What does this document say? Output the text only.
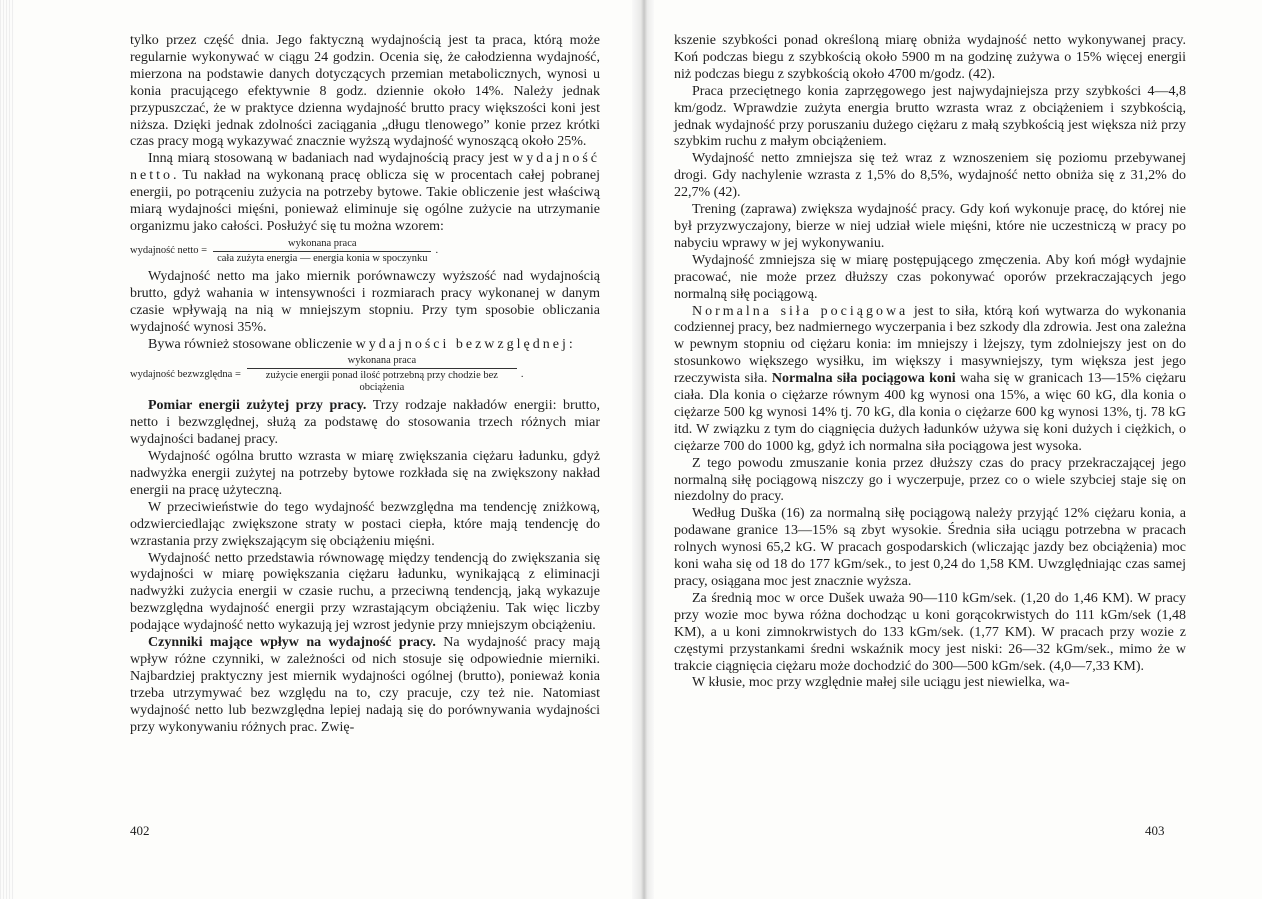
tylko przez część dnia. Jego faktyczną wydajnością jest ta praca, którą może regularnie wykonywać w ciągu 24 godzin. Ocenia się, że całodzienna wydajność, mierzona na podstawie danych dotyczących przemian metabolicznych, wynosi u konia pracującego efektywnie 8 godz. dziennie około 14%. Należy jednak przypuszczać, że w praktyce dzienna wydajność brutto pracy większości koni jest niższa. Dzięki jednak zdolności zaciągania „długu tlenowego” konie przez krótki czas pracy mogą wykazywać znacznie wyższą wydajność wynoszącą około 25%.

Inną miarą stosowaną w badaniach nad wydajnością pracy jest wydajność netto. Tu nakład na wykonaną pracę oblicza się w procentach całej pobranej energii, po potrąceniu zużycia na potrzeby bytowe. Takie obliczenie jest właściwą miarą wydajności mięśni, ponieważ eliminuje się ogólne zużycie na utrzymanie organizmu jako całości. Posłużyć się tu można wzorem:

wydajność netto = $\frac{\text{wykonana praca}}{\text{cała zużyta energia — energia konia w spoczynku}}$ .

Wydajność netto ma jako miernik porównawczy wyższość nad wydajnością brutto, gdyż wahania w intensywności i rozmiarach pracy wykonanej w danym czasie wpływają na nią w mniejszym stopniu. Przy tym sposobie obliczania wydajność wynosi 35%.

Bywa również stosowane obliczenie wydajności bezwzględnej:

wydajność bezwzględna =
wykonana praca
zużycie energii ponad ilość potrzebną przy chodzie bez obciążenia
.

Pomiar energii zużytej przy pracy. Trzy rodzaje nakładów energii: brutto, netto i bezwzględnej, służą za podstawę do stosowania trzech różnych miar wydajności badanej pracy.

Wydajność ogólna brutto wzrasta w miarę zwiększania ciężaru ładunku, gdyż nadwyżka energii zużytej na potrzeby bytowe rozkłada się na zwiększony nakład energii na pracę użyteczną.

W przeciwieństwie do tego wydajność bezwzględna ma tendencję zniżkową, odzwierciedlając zwiększone straty w postaci ciepła, które mają tendencję do wzrastania przy zwiększającym się obciążeniu mięśni.

Wydajność netto przedstawia równowagę między tendencją do zwiększania się wydajności w miarę powiększania ciężaru ładunku, wynikającą z eliminacji nadwyżki zużycia energii w czasie ruchu, a przeciwną tendencją, jaką wykazuje bezwzględna wydajność energii przy wzrastającym obciążeniu. Tak więc liczby podające wydajność netto wykazują jej wzrost jedynie przy mniejszym obciążeniu.

Czynniki mające wpływ na wydajność pracy. Na wydajność pracy mają wpływ różne czynniki, w zależności od nich stosuje się odpowiednie mierniki. Najbardziej praktyczny jest miernik wydajności ogólnej (brutto), ponieważ konia trzeba utrzymywać bez względu na to, czy pracuje, czy też nie. Natomiast wydajność netto lub bezwzględna lepiej nadają się do porównywania wydajności przy wykonywaniu różnych prac. Zwię-

402

kszenie szybkości ponad określoną miarę obniża wydajność netto wykonywanej pracy. Koń podczas biegu z szybkością około 5900 m na godzinę zużywa o 15% więcej energii niż podczas biegu z szybkością około 4700 m/godz. (42).

Praca przeciętnego konia zaprzęgowego jest najwydajniejsza przy szybkości 4—4,8 km/godz. Wprawdzie zużyta energia brutto wzrasta wraz z obciążeniem i szybkością, jednak wydajność przy poruszaniu dużego ciężaru z małą szybkością jest większa niż przy szybkim ruchu z małym obciążeniem.

Wydajność netto zmniejsza się też wraz z wznoszeniem się poziomu przebywanej drogi. Gdy nachylenie wzrasta z 1,5% do 8,5%, wydajność netto obniża się z 31,2% do 22,7% (42).

Trening (zaprawa) zwiększa wydajność pracy. Gdy koń wykonuje pracę, do której nie był przyzwyczajony, bierze w niej udział wiele mięśni, które nie uczestniczą w pracy po nabyciu wprawy w jej wykonywaniu.

Wydajność zmniejsza się w miarę postępującego zmęczenia. Aby koń mógł wydajnie pracować, nie może przez dłuższy czas pokonywać oporów przekraczających jego normalną siłę pociągową.

Normalna siła pociągowa jest to siła, którą koń wytwarza do wykonania codziennej pracy, bez nadmiernego wyczerpania i bez szkody dla zdrowia. Jest ona zależna w pewnym stopniu od ciężaru konia: im mniejszy i lżejszy, tym zdolniejszy jest on do stosunkowo większego wysiłku, im większy i masywniejszy, tym większa jest jego rzeczywista siła. Normalna siła pociągowa koni waha się w granicach 13—15% ciężaru ciała. Dla konia o ciężarze równym 400 kg wynosi ona 15%, a więc 60 kG, dla konia o ciężarze 500 kg wynosi 14% tj. 70 kG, dla konia o ciężarze 600 kg wynosi 13%, tj. 78 kG itd. W związku z tym do ciągnięcia dużych ładunków używa się koni dużych i ciężkich, o ciężarze 700 do 1000 kg, gdyż ich normalna siła pociągowa jest wysoka.

Z tego powodu zmuszanie konia przez dłuższy czas do pracy przekraczającej jego normalną siłę pociągową niszczy go i wyczerpuje, przez co o wiele szybciej staje się on niezdolny do pracy.

Według Duška (16) za normalną siłę pociągową należy przyjąć 12% ciężaru konia, a podawane granice 13—15% są zbyt wysokie. Średnia siła uciągu potrzebna w pracach rolnych wynosi 65,2 kG. W pracach gospodarskich (wliczając jazdy bez obciążenia) moc koni waha się od 18 do 177 kGm/sek., to jest 0,24 do 1,58 KM. Uwzględniając czas samej pracy, osiągana moc jest znacznie wyższa.

Za średnią moc w orce Dušek uważa 90—110 kGm/sek. (1,20 do 1,46 KM). W pracy przy wozie moc bywa różna dochodząc u koni gorącokrwistych do 111 kGm/sek (1,48 KM), a u koni zimnokrwistych do 133 kGm/sek. (1,77 KM). W pracach przy wozie z częstymi przystankami średni wskaźnik mocy jest niski: 26—32 kGm/sek., mimo że w trakcie ciągnięcia ciężaru może dochodzić do 300—500 kGm/sek. (4,0—7,33 KM).

W kłusie, moc przy względnie małej sile uciągu jest niewielka, wa-

403
